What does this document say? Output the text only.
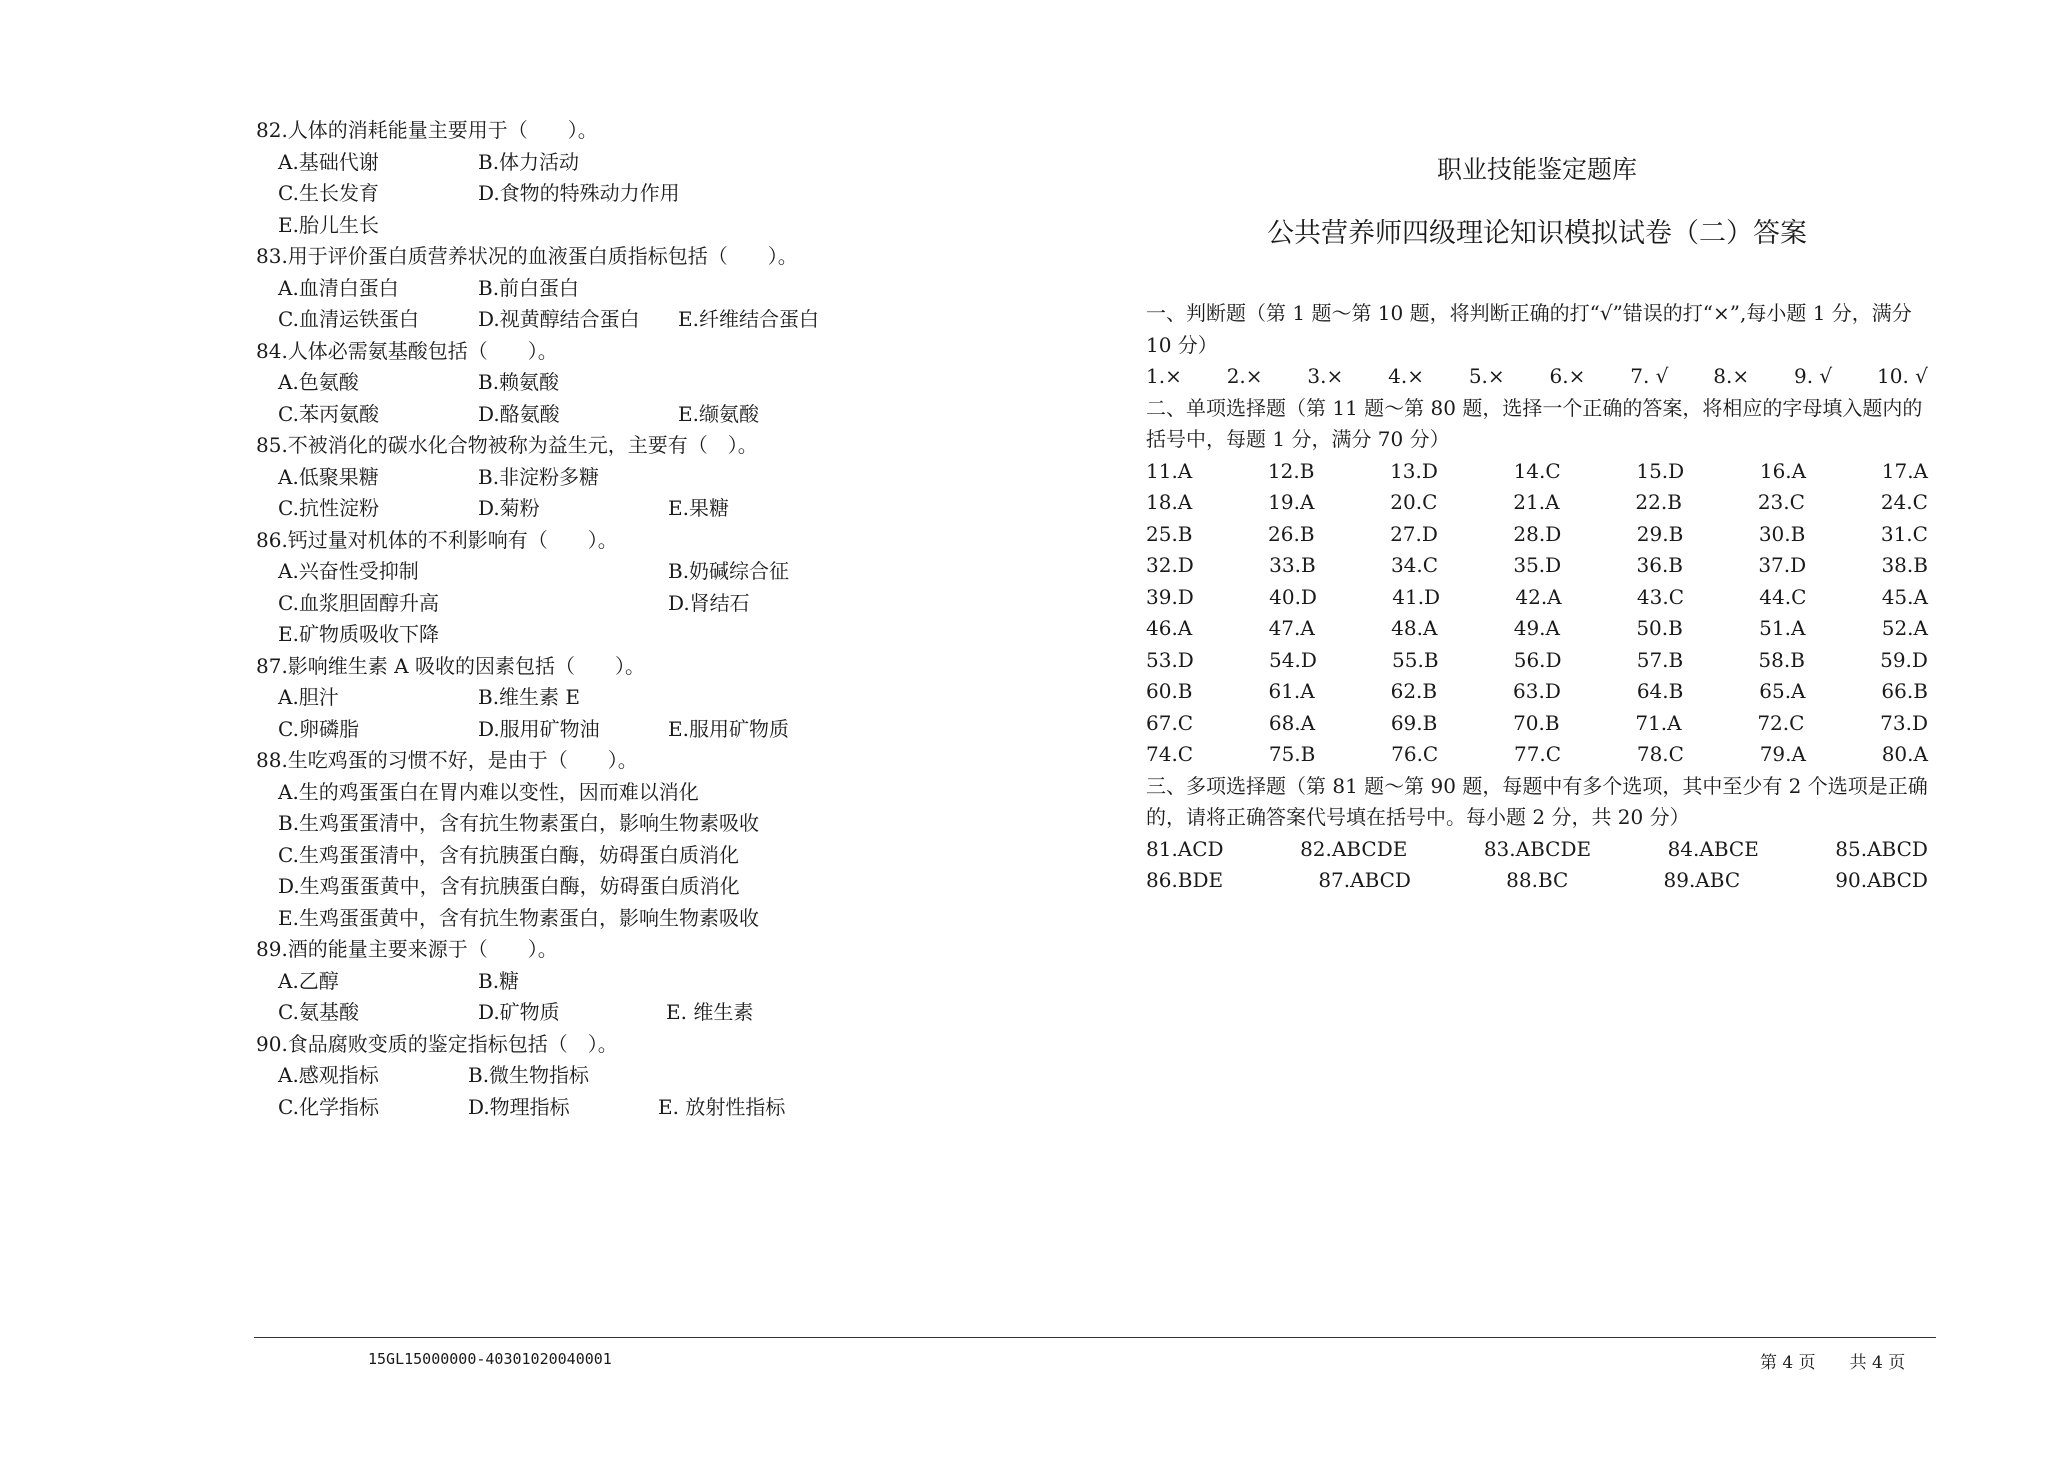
82.人体的消耗能量主要用于（　　）。
A.基础代谢	B.体力活动
C.生长发育	D.食物的特殊动力作用
E.胎儿生长
83.用于评价蛋白质营养状况的血液蛋白质指标包括（　　）。
A.血清白蛋白	B.前白蛋白
C.血清运铁蛋白	D.视黄醇结合蛋白 E.纤维结合蛋白
84.人体必需氨基酸包括（　　）。
A.色氨酸	B.赖氨酸
C.苯丙氨酸	D.酪氨酸	E.缬氨酸
85.不被消化的碳水化合物被称为益生元，主要有（　）。
A.低聚果糖	B.非淀粉多糖
C.抗性淀粉	D.菊粉	E.果糖
86.钙过量对机体的不利影响有（　　）。
A.兴奋性受抑制	B.奶碱综合征
C.血浆胆固醇升高	D.肾结石
E.矿物质吸收下降
87.影响维生素 A 吸收的因素包括（　　）。
A.胆汁	B.维生素 E
C.卵磷脂	D.服用矿物油	E.服用矿物质
88.生吃鸡蛋的习惯不好，是由于（　　）。
A.生的鸡蛋蛋白在胃内难以变性，因而难以消化
B.生鸡蛋蛋清中，含有抗生物素蛋白，影响生物素吸收
C.生鸡蛋蛋清中，含有抗胰蛋白酶，妨碍蛋白质消化
D.生鸡蛋蛋黄中，含有抗胰蛋白酶，妨碍蛋白质消化
E.生鸡蛋蛋黄中，含有抗生物素蛋白，影响生物素吸收
89.酒的能量主要来源于（　　）。
A.乙醇	B.糖
C.氨基酸	D.矿物质	E. 维生素
90.食品腐败变质的鉴定指标包括（　）。
A.感观指标	B.微生物指标
C.化学指标	D.物理指标	E. 放射性指标
职业技能鉴定题库
公共营养师四级理论知识模拟试卷（二）答案
一、判断题（第 1 题～第 10 题，将判断正确的打“√”错误的打“×”,每小题 1 分，满分 10 分）
1.× 2.× 3.× 4.× 5.× 6.× 7. √ 8.× 9. √ 10. √
二、单项选择题（第 11 题～第 80 题，选择一个正确的答案，将相应的字母填入题内的括号中，每题 1 分，满分 70 分）
11.A	12.B	13.D	14.C	15.D	16.A	17.A
18.A	19.A	20.C	21.A	22.B	23.C	24.C
25.B	26.B	27.D	28.D	29.B	30.B	31.C
32.D	33.B	34.C	35.D	36.B	37.D	38.B
39.D	40.D	41.D	42.A	43.C	44.C	45.A
46.A	47.A	48.A	49.A	50.B	51.A	52.A
53.D	54.D	55.B	56.D	57.B	58.B	59.D
60.B	61.A	62.B	63.D	64.B	65.A	66.B
67.C	68.A	69.B	70.B	71.A	72.C	73.D
74.C	75.B	76.C	77.C	78.C	79.A	80.A
三、多项选择题（第 81 题～第 90 题，每题中有多个选项，其中至少有 2 个选项是正确的，请将正确答案代号填在括号中。每小题 2 分，共 20 分）
81.ACD	82.ABCDE	83.ABCDE	84.ABCE	85.ABCD
86.BDE	87.ABCD	88.BC	89.ABC	90.ABCD
15GL15000000-40301020040001	第 4 页　　共 4 页
